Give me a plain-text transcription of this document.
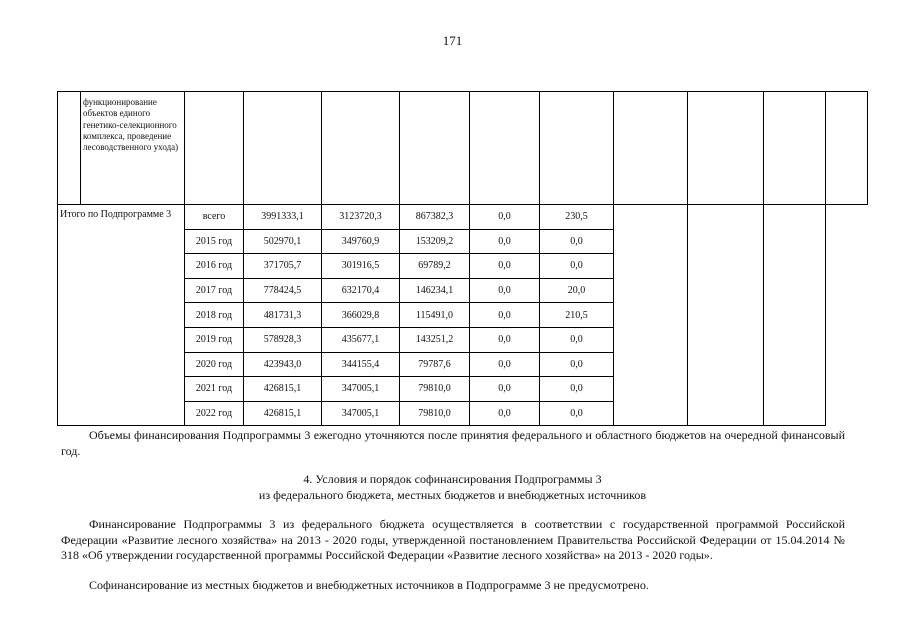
171
	функционирование объектов единого генетико-селекционного комплекса, проведение лесоводственного ухода)										
Итого по Подпрограмме 3		всего	3991333,1	3123720,3	867382,3	0,0	230,5				
		2015 год	502970,1	349760,9	153209,2	0,0	0,0				
		2016 год	371705,7	301916,5	69789,2	0,0	0,0				
		2017 год	778424,5	632170,4	146234,1	0,0	20,0				
		2018 год	481731,3	366029,8	115491,0	0,0	210,5				
		2019 год	578928,3	435677,1	143251,2	0,0	0,0				
		2020 год	423943,0	344155,4	79787,6	0,0	0,0				
		2021 год	426815,1	347005,1	79810,0	0,0	0,0				
		2022 год	426815,1	347005,1	79810,0	0,0	0,0				
Объемы финансирования Подпрограммы 3 ежегодно уточняются после принятия федерального и областного бюджетов на очередной финансовый год.
4. Условия и порядок софинансирования Подпрограммы 3
из федерального бюджета, местных бюджетов и внебюджетных источников
Финансирование Подпрограммы 3 из федерального бюджета осуществляется в соответствии с государственной программой Российской Федерации «Развитие лесного хозяйства» на 2013 - 2020 годы, утвержденной постановлением Правительства Российской Федерации от 15.04.2014 № 318 «Об утверждении государственной программы Российской Федерации «Развитие лесного хозяйства» на 2013 - 2020 годы».
Софинансирование из местных бюджетов и внебюджетных источников в Подпрограмме 3 не предусмотрено.
